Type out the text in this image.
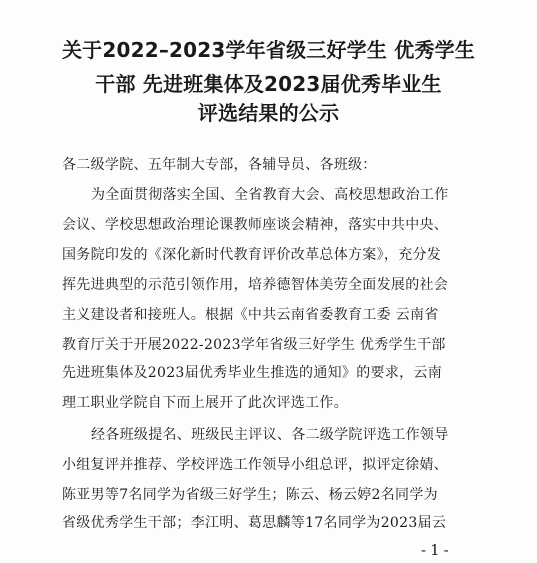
关于2022–2023学年省级三好学生 优秀学生
干部 先进班集体及2023届优秀毕业生
评选结果的公示
各二级学院、五年制大专部，各辅导员、各班级：
为全面贯彻落实全国、全省教育大会、高校思想政治工作
会议、学校思想政治理论课教师座谈会精神，落实中共中央、
国务院印发的《深化新时代教育评价改革总体方案》，充分发
挥先进典型的示范引领作用，培养德智体美劳全面发展的社会
主义建设者和接班人。根据《中共云南省委教育工委 云南省
教育厅关于开展2022-2023学年省级三好学生 优秀学生干部
先进班集体及2023届优秀毕业生推选的通知》的要求，云南
理工职业学院自下而上展开了此次评选工作。
经各班级提名、班级民主评议、各二级学院评选工作领导
小组复评并推荐、学校评选工作领导小组总评，拟评定徐婧、
陈亚男等7名同学为省级三好学生；陈云、杨云婷2名同学为
省级优秀学生干部；李江明、葛思麟等17名同学为2023届云
-1-
